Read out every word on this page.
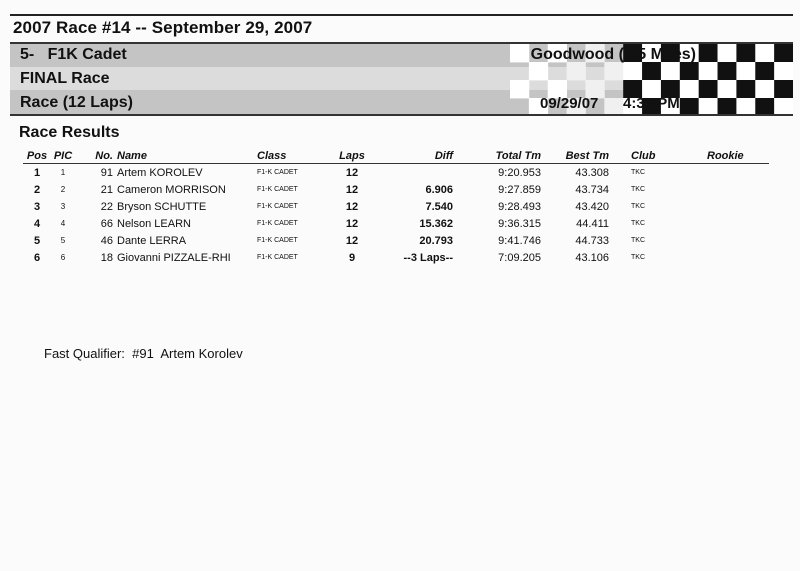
2007 Race #14 -- September 29, 2007
5-   F1K Cadet
FINAL Race
Race (12 Laps)
Goodwood (0.5 Miles)
09/29/07 4:33 PM
Race Results
Pos	PIC	No.	Name	Class	Laps	Diff	Total Tm	Best Tm	Club	Rookie
1	1	91	Artem KOROLEV	F1-K CADET	12		9:20.953	43.308	TKC	
2	2	21	Cameron MORRISON	F1-K CADET	12	6.906	9:27.859	43.734	TKC	
3	3	22	Bryson SCHUTTE	F1-K CADET	12	7.540	9:28.493	43.420	TKC	
4	4	66	Nelson LEARN	F1-K CADET	12	15.362	9:36.315	44.411	TKC	
5	5	46	Dante LERRA	F1-K CADET	12	20.793	9:41.746	44.733	TKC	
6	6	18	Giovanni PIZZALE-RHI	F1-K CADET	9	--3 Laps--	7:09.205	43.106	TKC	
Fast Qualifier:  #91  Artem Korolev
